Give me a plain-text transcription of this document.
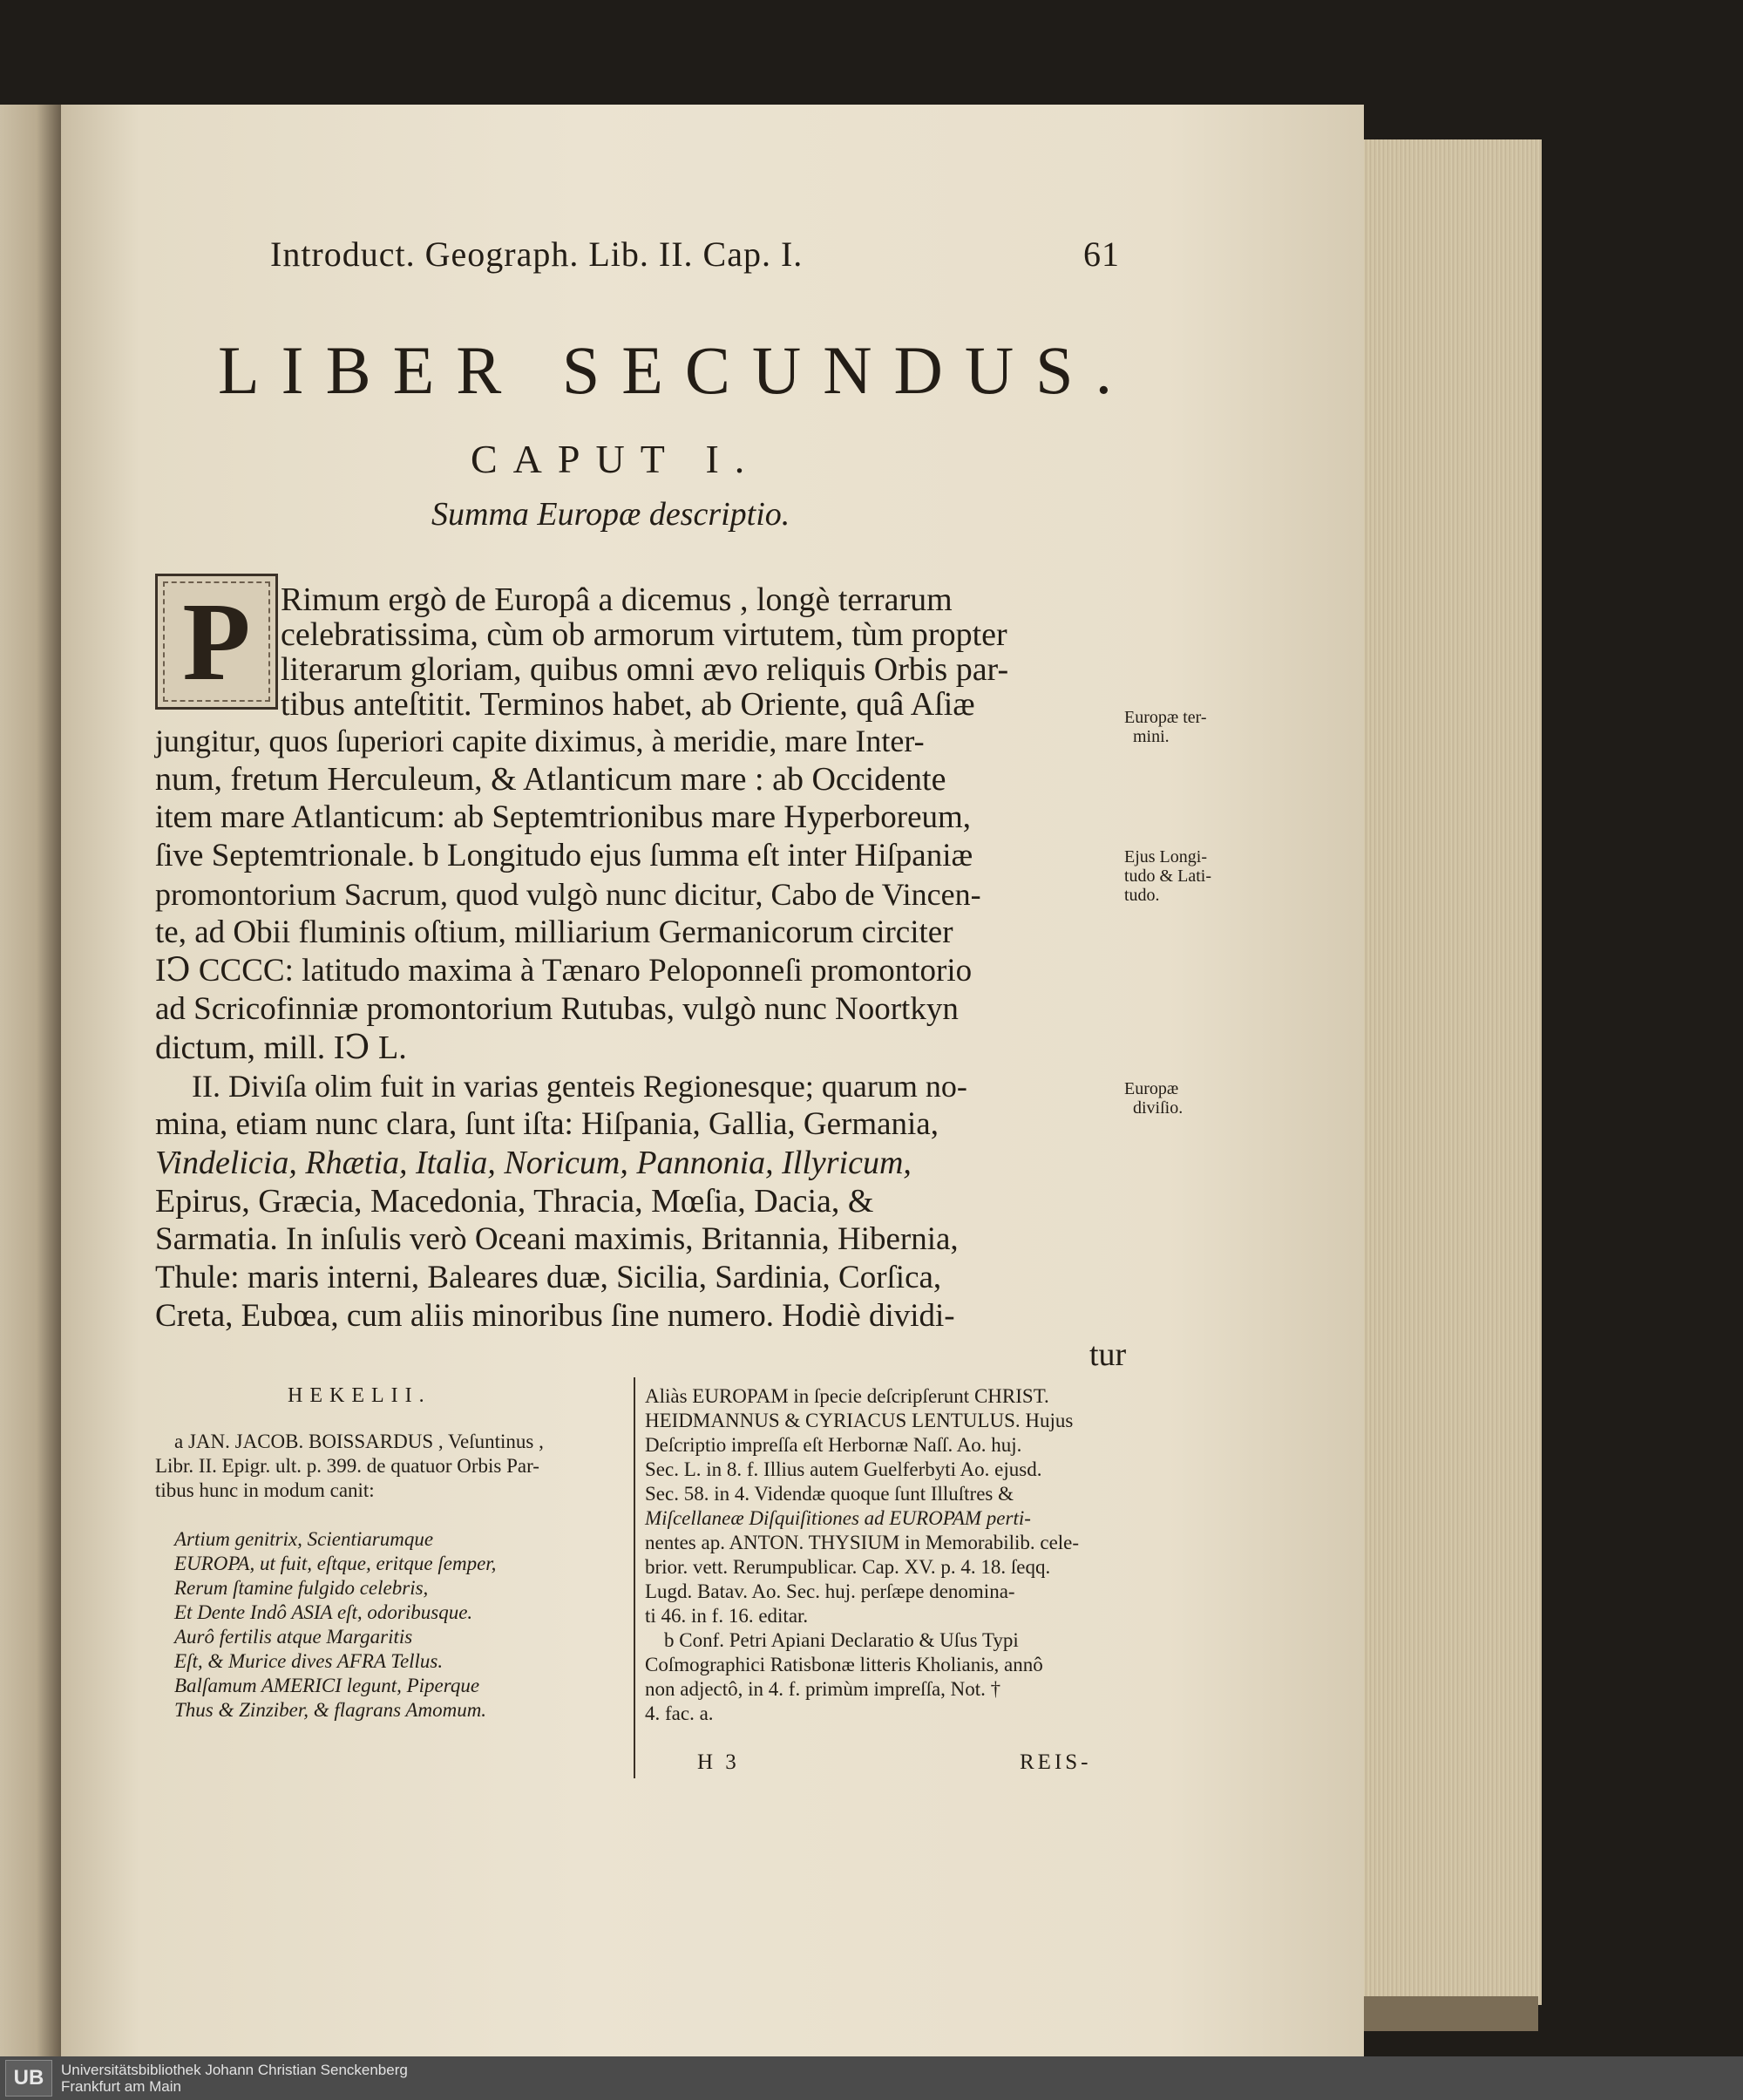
Introduct. Geograph. Lib. II. Cap. I.	61
LIBER SECUNDUS.
CAPUT I.
Summa Europæ descriptio.
P Rimum ergò de Europâ a dicemus , longè terrarum
celebratissima, cùm ob armorum virtutem, tùm propter
literarum gloriam, quibus omni ævo reliquis Orbis par-
tibus anteſtitit. Terminos habet, ab Oriente, quâ Aſiæ
jungitur, quos ſuperiori capite diximus, à meridie, mare Inter-
num, fretum Herculeum, & Atlanticum mare : ab Occidente
item mare Atlanticum: ab Septemtrionibus mare Hyperboreum,
ſive Septemtrionale. b Longitudo ejus ſumma eſt inter Hiſpaniæ
promontorium Sacrum, quod vulgò nunc dicitur, Cabo de Vincen-
te, ad Obii fluminis oſtium, milliarium Germanicorum circiter
IↃ CCCC: latitudo maxima à Tænaro Peloponneſi promontorio
ad Scricofinniæ promontorium Rutubas, vulgò nunc Noortkyn
dictum, mill. IↃ L.
II. Diviſa olim fuit in varias genteis Regionesque; quarum no-
mina, etiam nunc clara, ſunt iſta: Hiſpania, Gallia, Germania,
Vindelicia, Rhætia, Italia, Noricum, Pannonia, Illyricum,
Epirus, Græcia, Macedonia, Thracia, Mœſia, Dacia, &
Sarmatia. In inſulis verò Oceani maximis, Britannia, Hibernia,
Thule: maris interni, Baleares duæ, Sicilia, Sardinia, Corſica,
Creta, Eubœa, cum aliis minoribus ſine numero. Hodiè dividi-
tur
Europæ ter-
mini.
Ejus Longi-
tudo & Lati-
tudo.
Europæ
diviſio.
HEKELII.
a JAN. JACOB. BOISSARDUS , Veſuntinus ,
Libr. II. Epigr. ult. p. 399. de quatuor Orbis Par-
tibus hunc in modum canit:
Artium genitrix, Scientiarumque
EUROPA, ut fuit, eſtque, eritque ſemper,
Rerum ſtamine fulgido celebris,
Et Dente Indô ASIA eſt, odoribusque.
Aurô fertilis atque Margaritis
Eſt, & Murice dives AFRA Tellus.
Balſamum AMERICI legunt, Piperque
Thus & Zinziber, & flagrans Amomum.
Aliàs EUROPAM in ſpecie deſcripſerunt CHRIST.
HEIDMANNUS & CYRIACUS LENTULUS. Hujus
Deſcriptio impreſſa eſt Herbornæ Naſſ. Ao. huj.
Sec. L. in 8. f. Illius autem Guelferbyti Ao. ejusd.
Sec. 58. in 4. Videndæ quoque ſunt Illuſtres &
Miſcellaneæ Diſquiſitiones ad EUROPAM perti-
nentes ap. ANTON. THYSIUM in Memorabilib. cele-
brior. vett. Rerumpublicar. Cap. XV. p. 4. 18. ſeqq.
Lugd. Batav. Ao. Sec. huj. perſæpe denomina-
ti 46. in f. 16. editar.
b Conf. Petri Apiani Declaratio & Uſus Typi
Coſmographici Ratisbonæ litteris Kholianis, annô
non adjectô, in 4. f. primùm impreſſa, Not. †
4. fac. a.
H 3	REIS-
UB	Universitätsbibliothek Johann Christian Senckenberg
Frankfurt am Main
